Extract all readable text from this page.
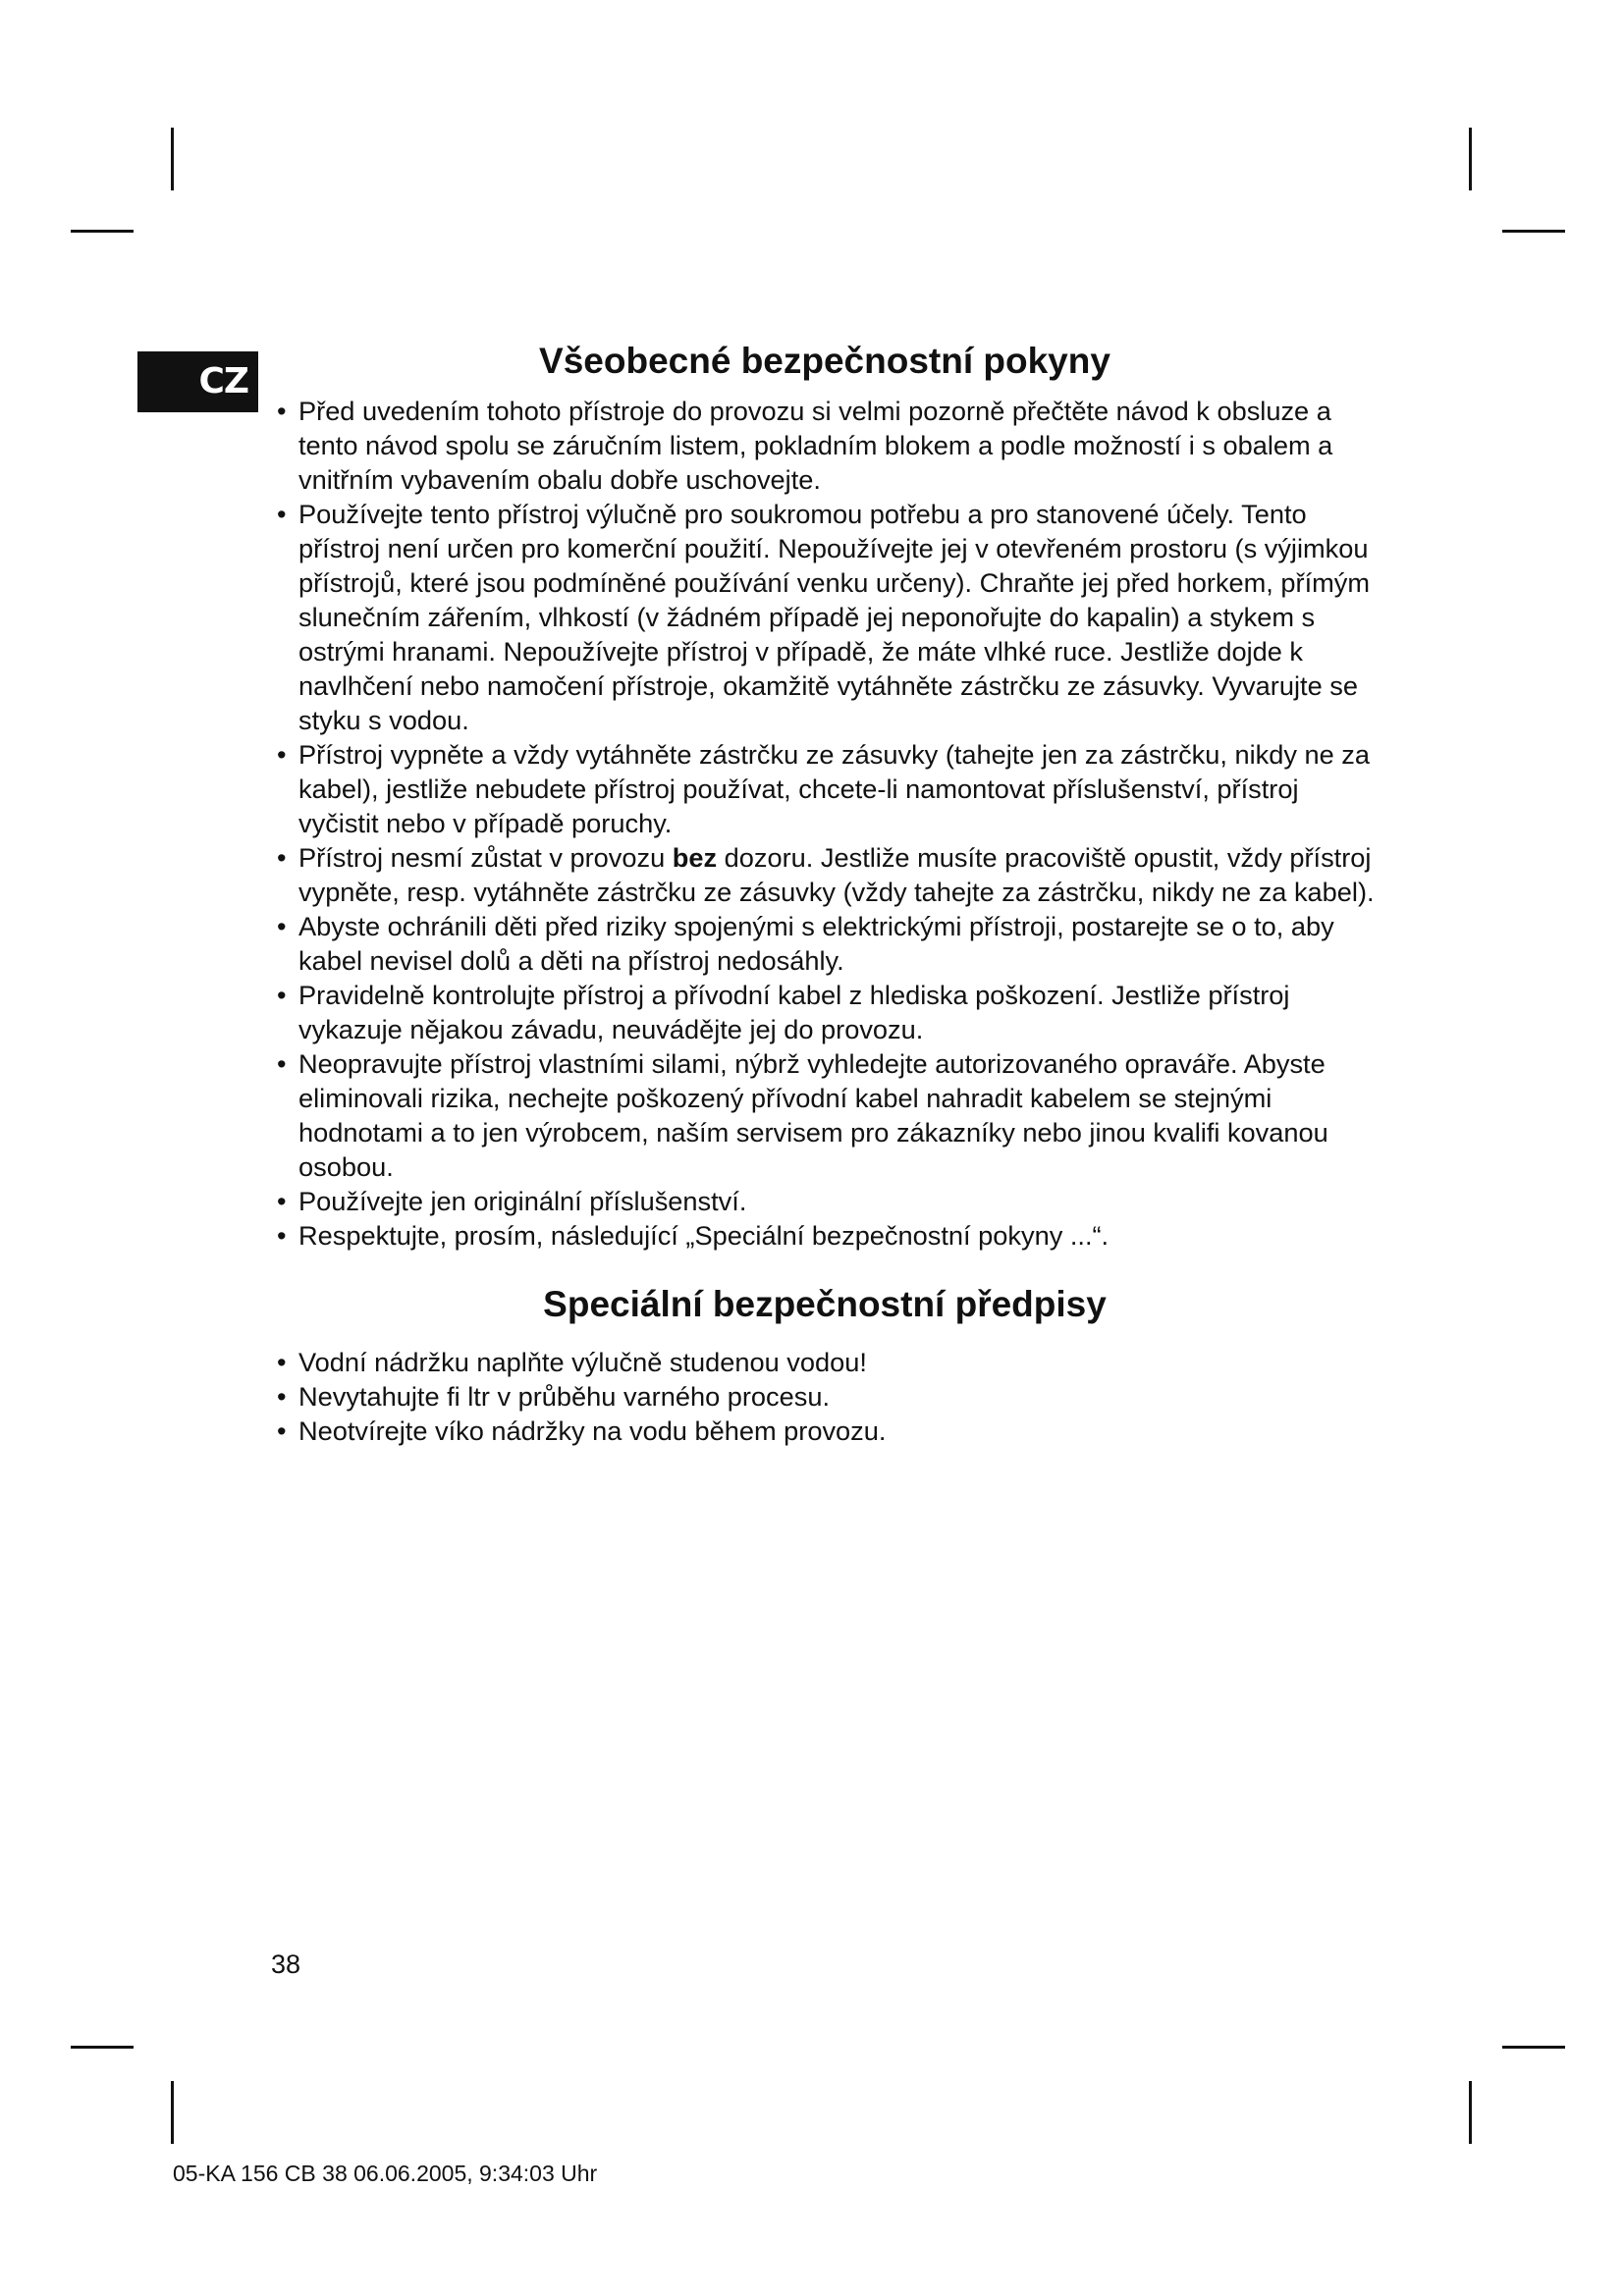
CZ
Všeobecné bezpečnostní pokyny
• Před uvedením tohoto přístroje do provozu si velmi pozorně přečtěte návod k obsluze a tento návod spolu se záručním listem, pokladním blokem a podle možností i s obalem a vnitřním vybavením obalu dobře uschovejte.
• Používejte tento přístroj výlučně pro soukromou potřebu a pro stanovené účely. Tento přístroj není určen pro komerční použití. Nepoužívejte jej v otevřeném prostoru (s výjimkou přístrojů, které jsou podmíněné používání venku určeny). Chraňte jej před horkem, přímým slunečním zářením, vlhkostí (v žádném případě jej neponořujte do kapalin) a stykem s ostrými hranami. Nepoužívejte přístroj v případě, že máte vlhké ruce. Jestliže dojde k navlhčení nebo namočení přístroje, okamžitě vytáhněte zástrčku ze zásuvky. Vyvarujte se styku s vodou.
• Přístroj vypněte a vždy vytáhněte zástrčku ze zásuvky (tahejte jen za zástrčku, nikdy ne za kabel), jestliže nebudete přístroj používat, chcete-li namontovat příslušenství, přístroj vyčistit nebo v případě poruchy.
• Přístroj nesmí zůstat v provozu bez dozoru. Jestliže musíte pracoviště opustit, vždy přístroj vypněte, resp. vytáhněte zástrčku ze zásuvky (vždy tahejte za zástrčku, nikdy ne za kabel).
• Abyste ochránili děti před riziky spojenými s elektrickými přístroji, postarejte se o to, aby kabel nevisel dolů a děti na přístroj nedosáhly.
• Pravidelně kontrolujte přístroj a přívodní kabel z hlediska poškození. Jestliže přístroj vykazuje nějakou závadu, neuvádějte jej do provozu.
• Neopravujte přístroj vlastními silami, nýbrž vyhledejte autorizovaného opraváře. Abyste eliminovali rizika, nechejte poškozený přívodní kabel nahradit kabelem se stejnými hodnotami a to jen výrobcem, naším servisem pro zákazníky nebo jinou kvalifi kovanou osobou.
• Používejte jen originální příslušenství.
• Respektujte, prosím, následující „Speciální bezpečnostní pokyny ...“.
Speciální bezpečnostní předpisy
• Vodní nádržku naplňte výlučně studenou vodou!
• Nevytahujte fi ltr v průběhu varného procesu.
• Neotvírejte víko nádržky na vodu během provozu.
38
05-KA 156 CB 38 06.06.2005, 9:34:03 Uhr
